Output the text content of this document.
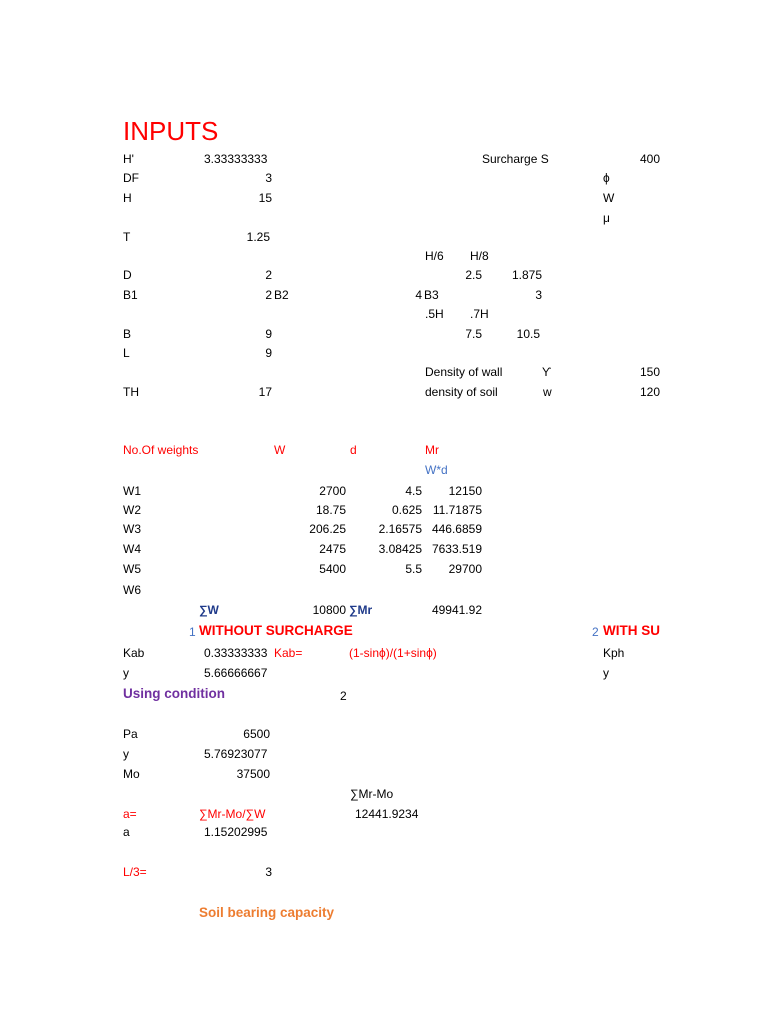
INPUTS
H'	3.33333333
DF	3
H	15
T	1.25
D	2
B1	2 B2	4 B3	3
B	9
L	9
TH	17
Surcharge S	400
ϕ
W
μ
H/6 H/8
2.5	1.875
.5H .7H
7.5	10.5
Density of wall	Ƴ	150
density of soil	w	120
No.Of weights	W	d	Mr
W*d
W1	2700	4.5	12150
W2	18.75	0.625 11.71875
W3	206.25	2.16575 446.6859
W4	2475	3.08425 7633.519
W5	5400	5.5	29700
W6
∑W	10800 ∑Mr	49941.92
1 WITHOUT SURCHARGE	2 WITH SU
Kab	0.33333333 Kab=	(1-sinϕ)/(1+sinϕ)	Kph
y	5.66666667	y
Using condition	2
Pa	6500
y	5.76923077
Mo	37500
∑Mr-Mo
a=	∑Mr-Mo/∑W	12441.9234
a	1.15202995
L/3=	3
Soil bearing capacity
